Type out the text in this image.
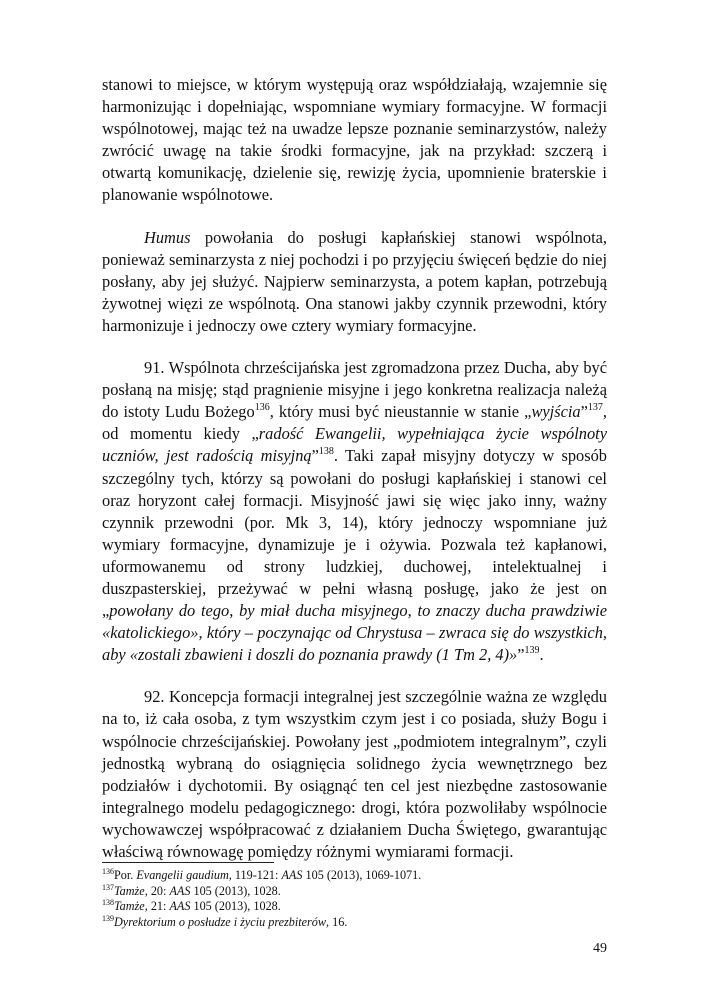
stanowi to miejsce, w którym występują oraz współdziałają, wzajemnie się harmonizując i dopełniając, wspomniane wymiary formacyjne. W formacji wspólnotowej, mając też na uwadze lepsze poznanie seminarzystów, należy zwrócić uwagę na takie środki formacyjne, jak na przykład: szczerą i otwartą komunikację, dzielenie się, rewizję życia, upomnienie braterskie i planowanie wspólnotowe.

Humus powołania do posługi kapłańskiej stanowi wspólnota, ponieważ seminarzysta z niej pochodzi i po przyjęciu święceń będzie do niej posłany, aby jej służyć. Najpierw seminarzysta, a potem kapłan, potrzebują żywotnej więzi ze wspólnotą. Ona stanowi jakby czynnik przewodni, który harmonizuje i jednoczy owe cztery wymiary formacyjne.

91. Wspólnota chrześcijańska jest zgromadzona przez Ducha, aby być posłaną na misję; stąd pragnienie misyjne i jego konkretna realizacja należą do istoty Ludu Bożego$^{136}$, który musi być nieustannie w stanie „wyjścia”$^{137}$, od momentu kiedy „radość Ewangelii, wypełniająca życie wspólnoty uczniów, jest radością misyjną”$^{138}$. Taki zapał misyjny dotyczy w sposób szczególny tych, którzy są powołani do posługi kapłańskiej i stanowi cel oraz horyzont całej formacji. Misyjność jawi się więc jako inny, ważny czynnik przewodni (por. Mk 3, 14), który jednoczy wspomniane już wymiary formacyjne, dynamizuje je i ożywia. Pozwala też kapłanowi, uformowanemu od strony ludzkiej, duchowej, intelektualnej i duszpasterskiej, przeżywać w pełni własną posługę, jako że jest on „powołany do tego, by miał ducha misyjnego, to znaczy ducha prawdziwie «katolickiego», który – poczynając od Chrystusa – zwraca się do wszystkich, aby «zostali zbawieni i doszli do poznania prawdy (1 Tm 2, 4)»”$^{139}$.

92. Koncepcja formacji integralnej jest szczególnie ważna ze względu na to, iż cała osoba, z tym wszystkim czym jest i co posiada, służy Bogu i wspólnocie chrześcijańskiej. Powołany jest „podmiotem integralnym”, czyli jednostką wybraną do osiągnięcia solidnego życia wewnętrznego bez podziałów i dychotomii. By osiągnąć ten cel jest niezbędne zastosowanie integralnego modelu pedagogicznego: drogi, która pozwoliłaby wspólnocie wychowawczej współpracować z działaniem Ducha Świętego, gwarantując właściwą równowagę pomiędzy różnymi wymiarami formacji.

$^{136}$Por. Evangelii gaudium, 119-121: AAS 105 (2013), 1069-1071.
$^{137}$Tamże, 20: AAS 105 (2013), 1028.
$^{138}$Tamże, 21: AAS 105 (2013), 1028.
$^{139}$Dyrektorium o posłudze i życiu prezbiterów, 16.
49
